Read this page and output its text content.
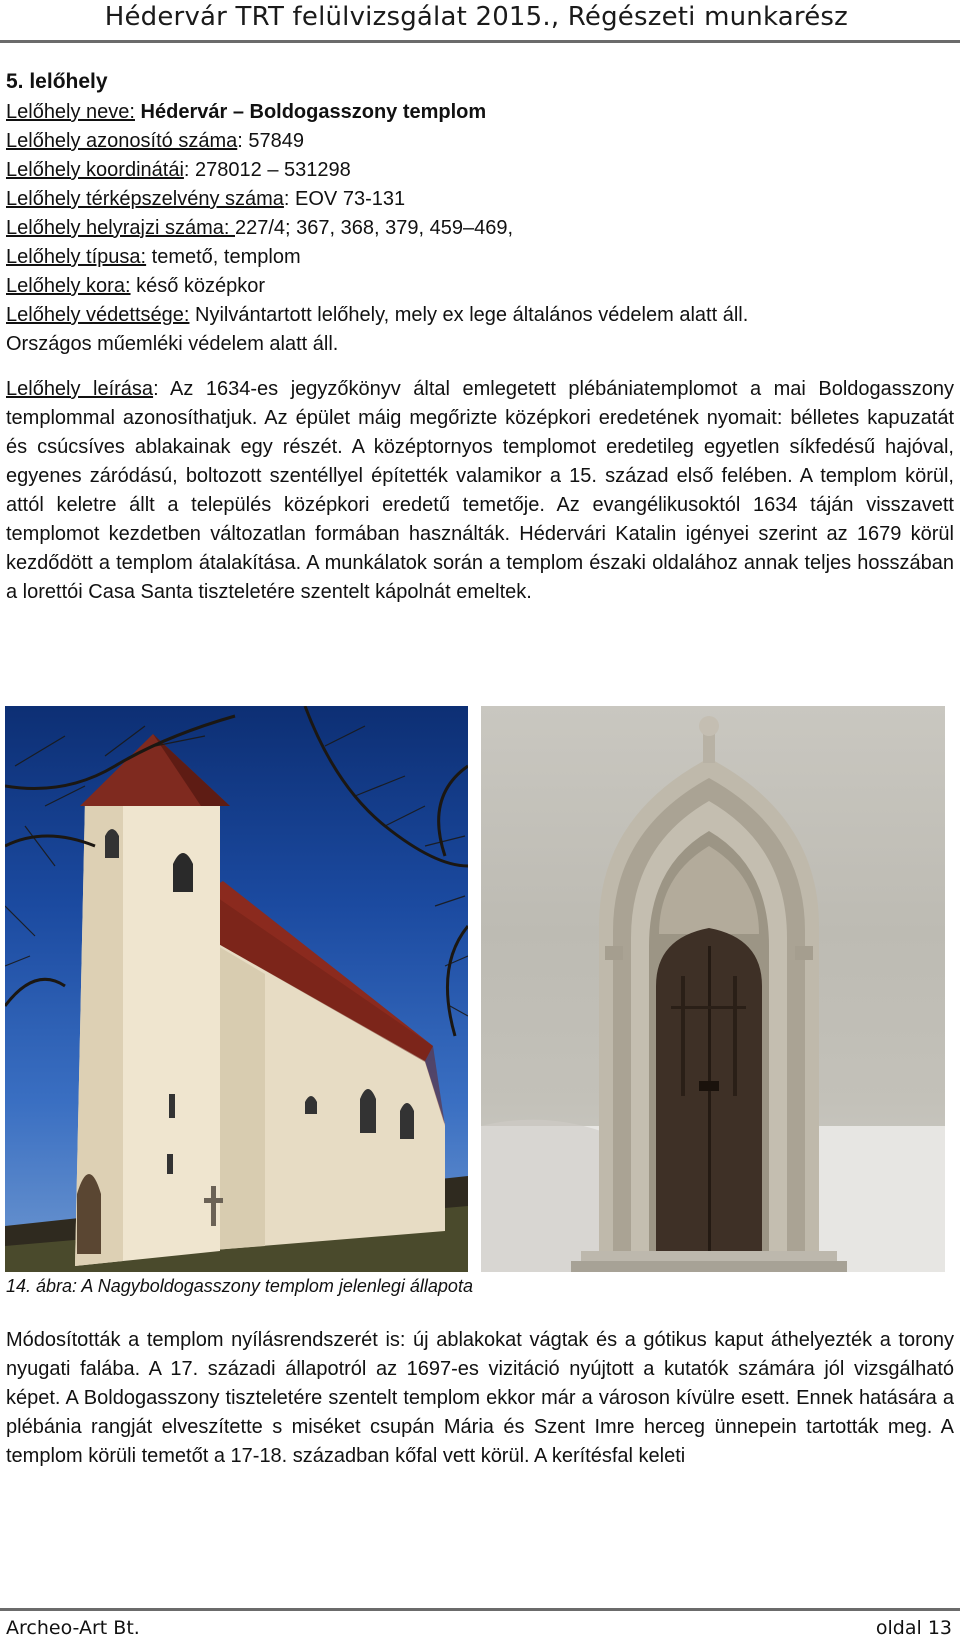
Hédervár TRT felülvizsgálat 2015., Régészeti munkarész
5. lelőhely
Lelőhely neve: Hédervár – Boldogasszony templom
Lelőhely azonosító száma: 57849
Lelőhely koordinátái: 278012 – 531298
Lelőhely térképszelvény száma: EOV 73-131
Lelőhely helyrajzi száma: 227/4; 367, 368, 379, 459–469,
Lelőhely típusa: temető, templom
Lelőhely kora: késő középkor
Lelőhely védettsége: Nyilvántartott lelőhely, mely ex lege általános védelem alatt áll.
Országos műemléki védelem alatt áll.
Lelőhely leírása: Az 1634-es jegyzőkönyv által emlegetett plébániatemplomot a mai Boldogasszony templommal azonosíthatjuk. Az épület máig megőrizte középkori eredetének nyomait: bélletes kapuzatát és csúcsíves ablakainak egy részét. A középtornyos templomot eredetileg egyetlen síkfedésű hajóval, egyenes záródású, boltozott szentéllyel építették valamikor a 15. század első felében. A templom körül, attól keletre állt a település középkori eredetű temetője. Az evangélikusoktól 1634 táján visszavett templomot kezdetben változatlan formában használták. Hédervári Katalin igényei szerint az 1679 körül kezdődött a templom átalakítása. A munkálatok során a templom északi oldalához annak teljes hosszában a lorettói Casa Santa tiszteletére szentelt kápolnát emeltek.
14. ábra: A Nagyboldogasszony templom jelenlegi állapota
Módosították a templom nyílásrendszerét is: új ablakokat vágtak és a gótikus kaput áthelyezték a torony nyugati falába. A 17. századi állapotról az 1697-es vizitáció nyújtott a kutatók számára jól vizsgálható képet. A Boldogasszony tiszteletére szentelt templom ekkor már a városon kívülre esett. Ennek hatására a plébánia rangját elveszítette s miséket csupán Mária és Szent Imre herceg ünnepein tartották meg. A templom körüli temetőt a 17-18. században kőfal vett körül. A kerítésfal keleti
Archeo-Art Bt.	oldal 13
